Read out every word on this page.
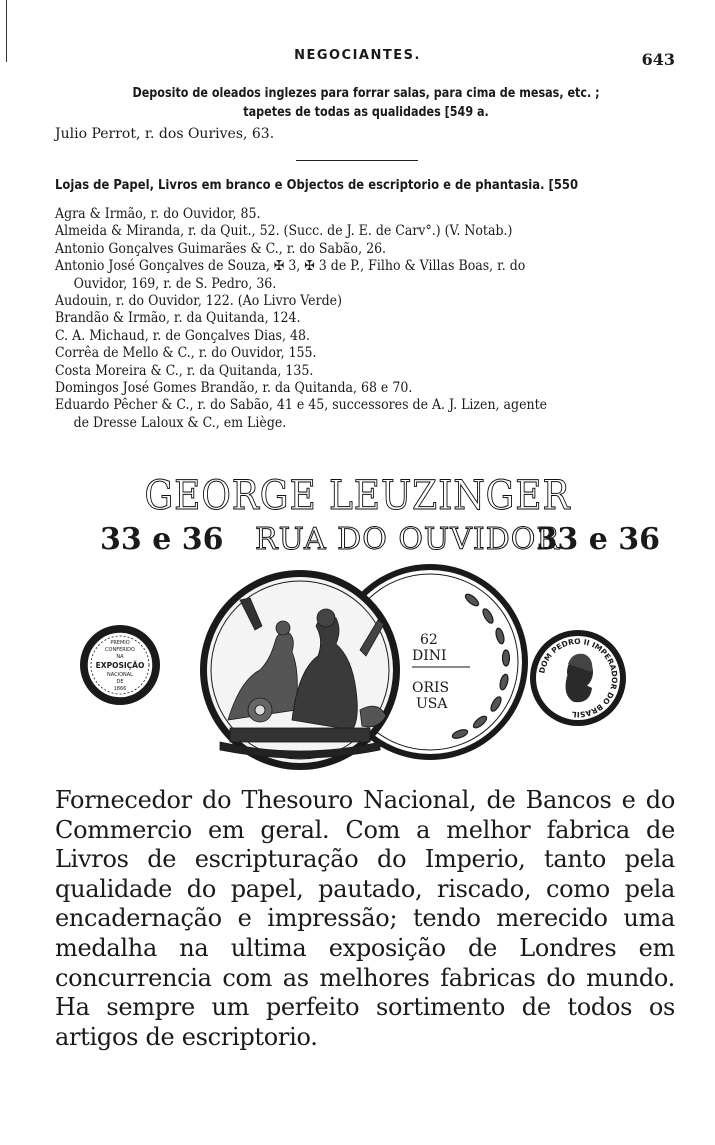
NEGOCIANTES.	643
Deposito de oleados inglezes para forrar salas, para cima de mesas, etc. ;
tapetes de todas as qualidades [549 a.
Julio Perrot, r. dos Ourives, 63.
Lojas de Papel, Livros em branco e Objectos de escriptorio e de phantasia. [550
Agra & Irmão, r. do Ouvidor, 85.
Almeida & Miranda, r. da Quit., 52. (Succ. de J. E. de Carv°.) (V. Notab.)
Antonio Gonçalves Guimarães & C., r. do Sabão, 26.
Antonio José Gonçalves de Souza, ✠ 3, ✠ 3 de P., Filho & Villas Boas, r. do
Ouvidor, 169, r. de S. Pedro, 36.
Audouin, r. do Ouvidor, 122. (Ao Livro Verde)
Brandão & Irmão, r. da Quitanda, 124.
C. A. Michaud, r. de Gonçalves Dias, 48.
Corrêa de Mello & C., r. do Ouvidor, 155.
Costa Moreira & C., r. da Quitanda, 135.
Domingos José Gomes Brandão, r. da Quitanda, 68 e 70.
Eduardo Pêcher & C., r. do Sabão, 41 e 45, successores de A. J. Lizen, agente
de Dresse Laloux & C., em Liège.
GEORGE LEUZINGER
33 e 36 RUA DO OUVIDOR
33 e 36
PREMIO
CONFERIDO
NA
EXPOSIÇÃO
NACIONAL
DE
1866
62
DINI
ORIS
USA
DOM PEDRO II IMPERADOR DO BRASIL
Fornecedor do Thesouro Nacional, de Bancos e do Commercio em geral. Com a melhor fabrica de Livros de escripturação do Imperio, tanto pela qualidade do papel, pautado, riscado, como pela encadernação e impressão; tendo merecido uma medalha na ultima exposição de Londres em concurrencia com as melhores fabricas do mundo. Ha sempre um perfeito sortimento de todos os artigos de escriptorio.
